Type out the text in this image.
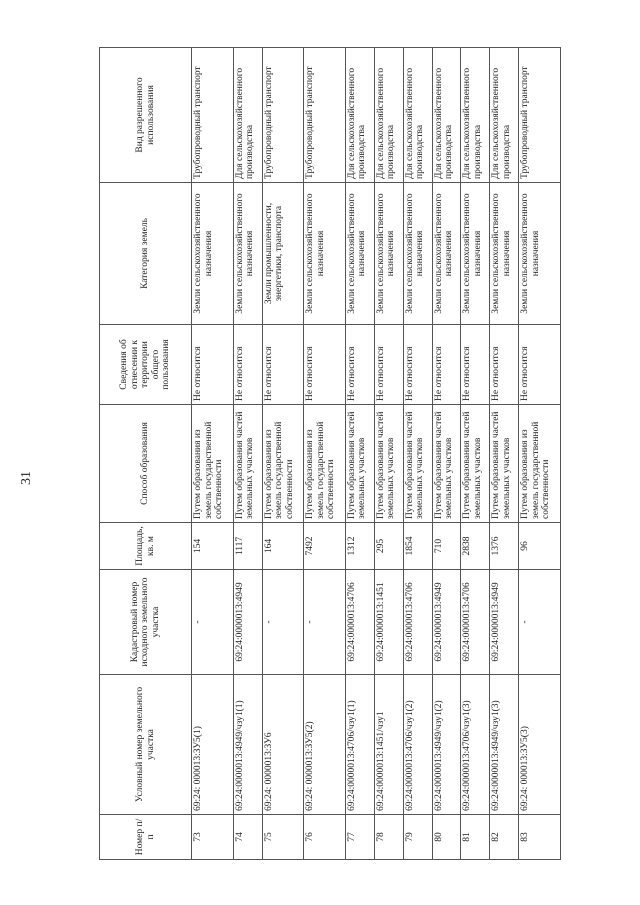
31
Номер п/п	Условный номер земельного участка	Кадастровый номер исходного земельного участка	Площадь, кв. м	Способ образования	Сведения об отнесении к территории общего пользования	Категория земель	Вид разрешенного использования
73	69:24: 000013:ЗУ5(1)	-	154	Путем образования из земель государственной собственности	Не относится	Земли сельскохозяйственного назначения	Трубопроводный транспорт
74	69:24:0000013:4949/чзу1(1)	69:24:0000013:4949	1117	Путем образования частей земельных участков	Не относится	Земли сельскохозяйственного назначения	Для сельскохозяйственного производства
75	69:24: 0000013:ЗУ6	-	164	Путем образования из земель государственной собственности	Не относится	Земли промышленности, энергетики, транспорта	Трубопроводный транспорт
76	69:24: 0000013:ЗУ5(2)	-	7492	Путем образования из земель государственной собственности	Не относится	Земли сельскохозяйственного назначения	Трубопроводный транспорт
77	69:24:0000013:4706/чзу1(1)	69:24:0000013:4706	1312	Путем образования частей земельных участков	Не относится	Земли сельскохозяйственного назначения	Для сельскохозяйственного производства
78	69:24:0000013:1451/чзу1	69:24:0000013:1451	295	Путем образования частей земельных участков	Не относится	Земли сельскохозяйственного назначения	Для сельскохозяйственного производства
79	69:24:0000013:4706/чзу1(2)	69:24:0000013:4706	1854	Путем образования частей земельных участков	Не относится	Земли сельскохозяйственного назначения	Для сельскохозяйственного производства
80	69:24:0000013:4949/чзу1(2)	69:24:0000013:4949	710	Путем образования частей земельных участков	Не относится	Земли сельскохозяйственного назначения	Для сельскохозяйственного производства
81	69:24:0000013:4706/чзу1(3)	69:24:0000013:4706	2838	Путем образования частей земельных участков	Не относится	Земли сельскохозяйственного назначения	Для сельскохозяйственного производства
82	69:24:0000013:4949/чзу1(3)	69:24:0000013:4949	1376	Путем образования частей земельных участков	Не относится	Земли сельскохозяйственного назначения	Для сельскохозяйственного производства
83	69:24: 000013:ЗУ5(3)	-	96	Путем образования из земель государственной собственности	Не относится	Земли сельскохозяйственного назначения	Трубопроводный транспорт
